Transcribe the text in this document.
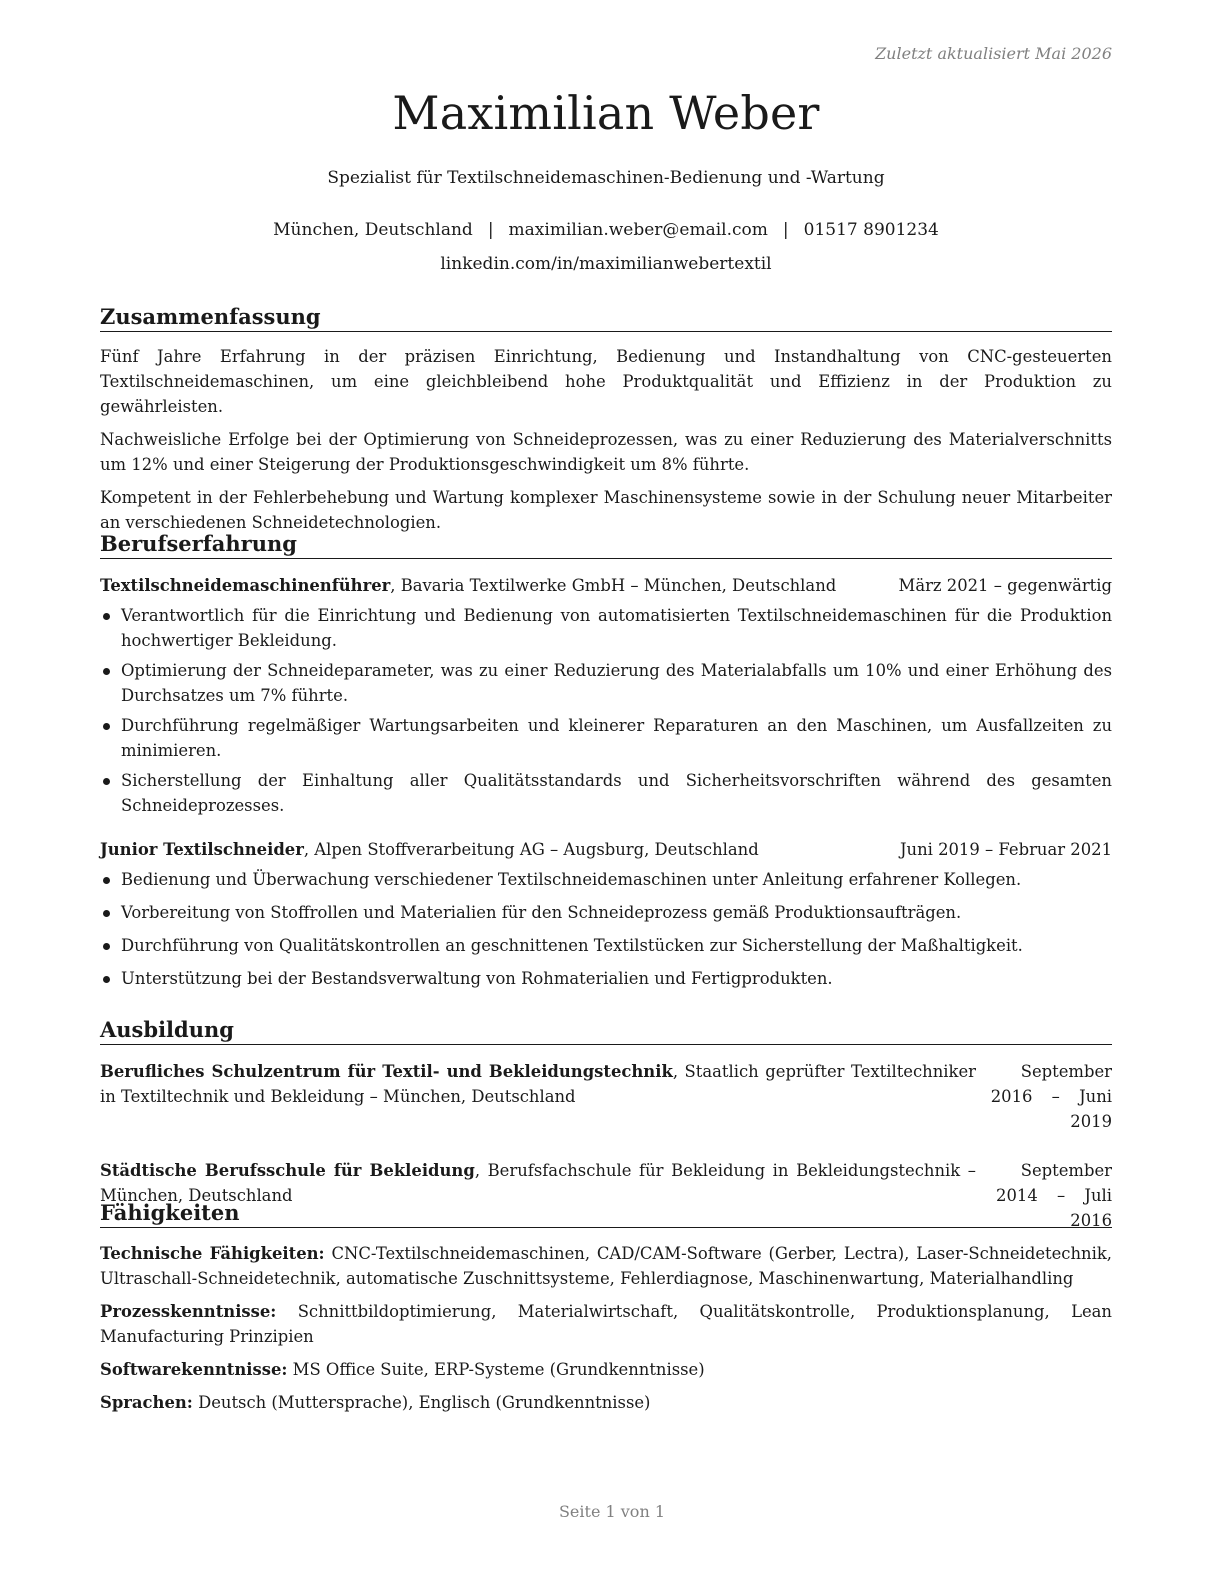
Zuletzt aktualisiert Mai 2026
Maximilian Weber
Spezialist für Textilschneidemaschinen-Bedienung und -Wartung
München, Deutschland | maximilian.weber@email.com | 01517 8901234
linkedin.com/in/maximilianwebertextil
Zusammenfassung

Fünf Jahre Erfahrung in der präzisen Einrichtung, Bedienung und Instandhaltung von CNC-gesteuerten Textilschneidemaschinen, um eine gleichbleibend hohe Produktqualität und Effizienz in der Produktion zu gewährleisten.

Nachweisliche Erfolge bei der Optimierung von Schneideprozessen, was zu einer Reduzierung des Materialverschnitts um 12% und einer Steigerung der Produktionsgeschwindigkeit um 8% führte.

Kompetent in der Fehlerbehebung und Wartung komplexer Maschinensysteme sowie in der Schulung neuer Mitarbeiter an verschiedenen Schneidetechnologien.

Berufserfahrung
Textilschneidemaschinenführer, Bavaria Textilwerke GmbH – München, Deutschland	März 2021 – gegenwärtig
Verantwortlich für die Einrichtung und Bedienung von automatisierten Textilschneidemaschinen für die Produktion hochwertiger Bekleidung.
Optimierung der Schneideparameter, was zu einer Reduzierung des Materialabfalls um 10% und einer Erhöhung des Durchsatzes um 7% führte.
Durchführung regelmäßiger Wartungsarbeiten und kleinerer Reparaturen an den Maschinen, um Ausfallzeiten zu minimieren.
Sicherstellung der Einhaltung aller Qualitätsstandards und Sicherheitsvorschriften während des gesamten Schneideprozesses.
Junior Textilschneider, Alpen Stoffverarbeitung AG – Augsburg, Deutschland	Juni 2019 – Februar 2021
Bedienung und Überwachung verschiedener Textilschneidemaschinen unter Anleitung erfahrener Kollegen.
Vorbereitung von Stoffrollen und Materialien für den Schneideprozess gemäß Produktionsaufträgen.
Durchführung von Qualitätskontrollen an geschnittenen Textilstücken zur Sicherstellung der Maßhaltigkeit.
Unterstützung bei der Bestandsverwaltung von Rohmaterialien und Fertigprodukten.
Ausbildung
Berufliches Schulzentrum für Textil- und Bekleidungstechnik, Staatlich geprüfter Textiltechniker in Textiltechnik und Bekleidung – München, Deutschland
September 2016 – Juni 2019
Städtische Berufsschule für Bekleidung, Berufsfachschule für Bekleidung in Bekleidungstechnik – München, Deutschland
September 2014 – Juli 2016
Fähigkeiten

Technische Fähigkeiten: CNC-Textilschneidemaschinen, CAD/CAM-Software (Gerber, Lectra), Laser-Schneidetechnik, Ultraschall-Schneidetechnik, automatische Zuschnittsysteme, Fehlerdiagnose, Maschinenwartung, Materialhandling

Prozesskenntnisse: Schnittbildoptimierung, Materialwirtschaft, Qualitätskontrolle, Produktionsplanung, Lean Manufacturing Prinzipien

Softwarekenntnisse: MS Office Suite, ERP-Systeme (Grundkenntnisse)

Sprachen: Deutsch (Muttersprache), Englisch (Grundkenntnisse)

Seite 1 von 1
